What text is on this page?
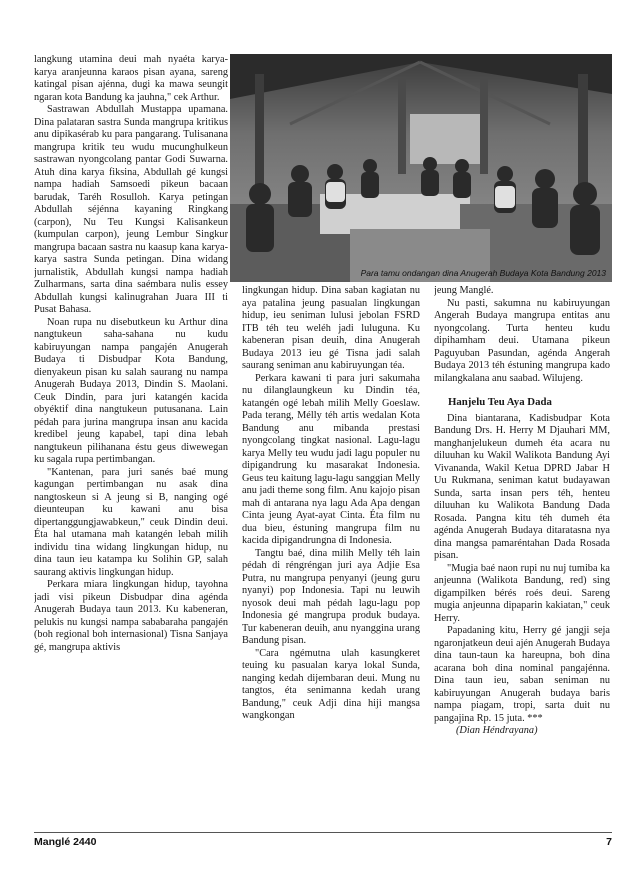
langkung utamina deui mah nyaéta karya-karya aranjeunna karaos pisan ayana, sareng katingal pisan ajénna, dugi ka mawa seungit ngaran kota Bandung ka jauhna," cek Arthur.

Sastrawan Abdullah Mustappa upamana. Dina palataran sastra Sunda mangrupa kritikus anu dipikasérab ku para pangarang. Tulisanana mangrupa kritik teu wudu mucunghulkeun sastrawan nyongcolang pantar Godi Suwarna. Atuh dina karya fiksina, Abdullah gé kungsi nampa hadiah Samsoedi pikeun bacaan barudak, Taréh Rosulloh. Karya petingan Abdullah séjénna kayaning Ringkang (carpon), Nu Teu Kungsi Kalisankeun (kumpulan carpon), jeung Lembur Singkur mangrupa bacaan sastra nu kaasup kana karya-karya sastra Sunda petingan. Dina widang jurnalistik, Abdullah kungsi nampa hadiah Zulharmans, sarta dina saémbara nulis essey Abdullah kungsi kalinugrahan Juara III ti Pusat Bahasa.

Noan rupa nu disebutkeun ku Arthur dina nangtukeun saha-sahana nu kudu kabiruyungan nampa pangajén Anugerah Budaya ti Disbudpar Kota Bandung, dienyakeun pisan ku salah saurang nu nampa Anugerah Budaya 2013, Dindin S. Maolani. Ceuk Dindin, para juri katangén kacida obyéktif dina nangtukeun putusanana. Lain pédah para jurina mangrupa insan anu kacida kredibel jeung kapabel, tapi dina lebah nangtukeun pilihanana éstu geus diwewegan ku sagala rupa pertimbangan.

"Kantenan, para juri sanés baé mung kagungan pertimbangan nu asak dina nangtoskeun si A jeung si B, nanging ogé dieunteupan ku kawani anu bisa dipertanggungjawabkeun," ceuk Dindin deui. Éta hal utamana mah katangén lebah milih individu tina widang lingkungan hidup, nu dina taun ieu katampa ku Solihin GP, salah saurang aktivis lingkungan hidup.

Perkara miara lingkungan hidup, tayohna jadi visi pikeun Disbudpar dina agénda Anugerah Budaya taun 2013. Ku kabeneran, pelukis nu kungsi nampa sababaraha pangajén (boh regional boh internasional) Tisna Sanjaya gé, mangrupa aktivis

Para tamu ondangan dina Anugerah Budaya Kota Bandung 2013

lingkungan hidup. Dina saban kagiatan nu aya patalina jeung pasualan lingkungan hidup, ieu seniman lulusi jebolan FSRD ITB téh teu weléh jadi luluguna. Ku kabeneran pisan deuih, dina Anugerah Budaya 2013 ieu gé Tisna jadi salah saurang seniman anu kabiruyungan téa.

Perkara kawani ti para juri sakumaha nu dilanglaungkeun ku Dindin téa, katangén ogé lebah milih Melly Goeslaw. Pada terang, Mélly téh artis wedalan Kota Bandung anu mibanda prestasi nyongcolang tingkat nasional. Lagu-lagu karya Melly teu wudu jadi lagu populer nu dipigandrung ku masarakat Indonesia. Geus teu kaitung lagu-lagu sanggian Melly anu jadi theme song film. Anu kajojo pisan mah di antarana nya lagu Ada Apa dengan Cinta jeung Ayat-ayat Cinta. Éta film nu dua bieu, éstuning mangrupa film nu kacida dipigandrungna di Indonesia.

Tangtu baé, dina milih Melly téh lain pédah di réngréngan juri aya Adjie Esa Putra, nu mangrupa penyanyi (jeung guru nyanyi) pop Indonesia. Tapi nu leuwih nyosok deui mah pédah lagu-lagu pop Indonesia gé mangrupa produk budaya. Tur kabeneran deuih, anu nyanggina urang Bandung pisan.

"Cara ngémutna ulah kasungkeret teuing ku pasualan karya lokal Sunda, nanging kedah dijembaran deui. Mung nu tangtos, éta senimanna kedah urang Bandung," ceuk Adji dina hiji mangsa wangkongan

jeung Manglé.

Nu pasti, sakumna nu kabiruyungan Angerah Budaya mangrupa entitas anu nyongcolang. Turta henteu kudu dipihamham deui. Utamana pikeun Paguyuban Pasundan, agénda Angerah Budaya 2013 téh éstuning mangrupa kado milangkalana anu saabad. Wilujeng.

Hanjelu Teu Aya Dada

Dina biantarana, Kadisbudpar Kota Bandung Drs. H. Herry M Djauhari MM, manghanjelukeun dumeh éta acara nu diluuhan ku Wakil Walikota Bandung Ayi Vivananda, Wakil Ketua DPRD Jabar H Uu Rukmana, seniman katut budayawan Sunda, sarta insan pers téh, henteu diluuhan ku Walikota Bandung Dada Rosada. Pangna kitu téh dumeh éta agénda Anugerah Budaya ditaratasna nya dina mangsa pamaréntahan Dada Rosada pisan.

"Mugia baé naon rupi nu nuj tumiba ka anjeunna (Walikota Bandung, red) sing digampilken bérés roés deui. Sareng mugia anjeunna dipaparin kakiatan," ceuk Herry.

Papadaning kitu, Herry gé jangji seja ngaronjatkeun deui ajén Anugerah Budaya dina taun-taun ka hareupna, boh dina acarana boh dina nominal pangajénna. Dina taun ieu, saban seniman nu kabiruyungan Anugerah budaya baris nampa piagam, tropi, sarta duit nu pangajina Rp. 15 juta. ***

(Dian Héndrayana)

Manglé 2440	7
